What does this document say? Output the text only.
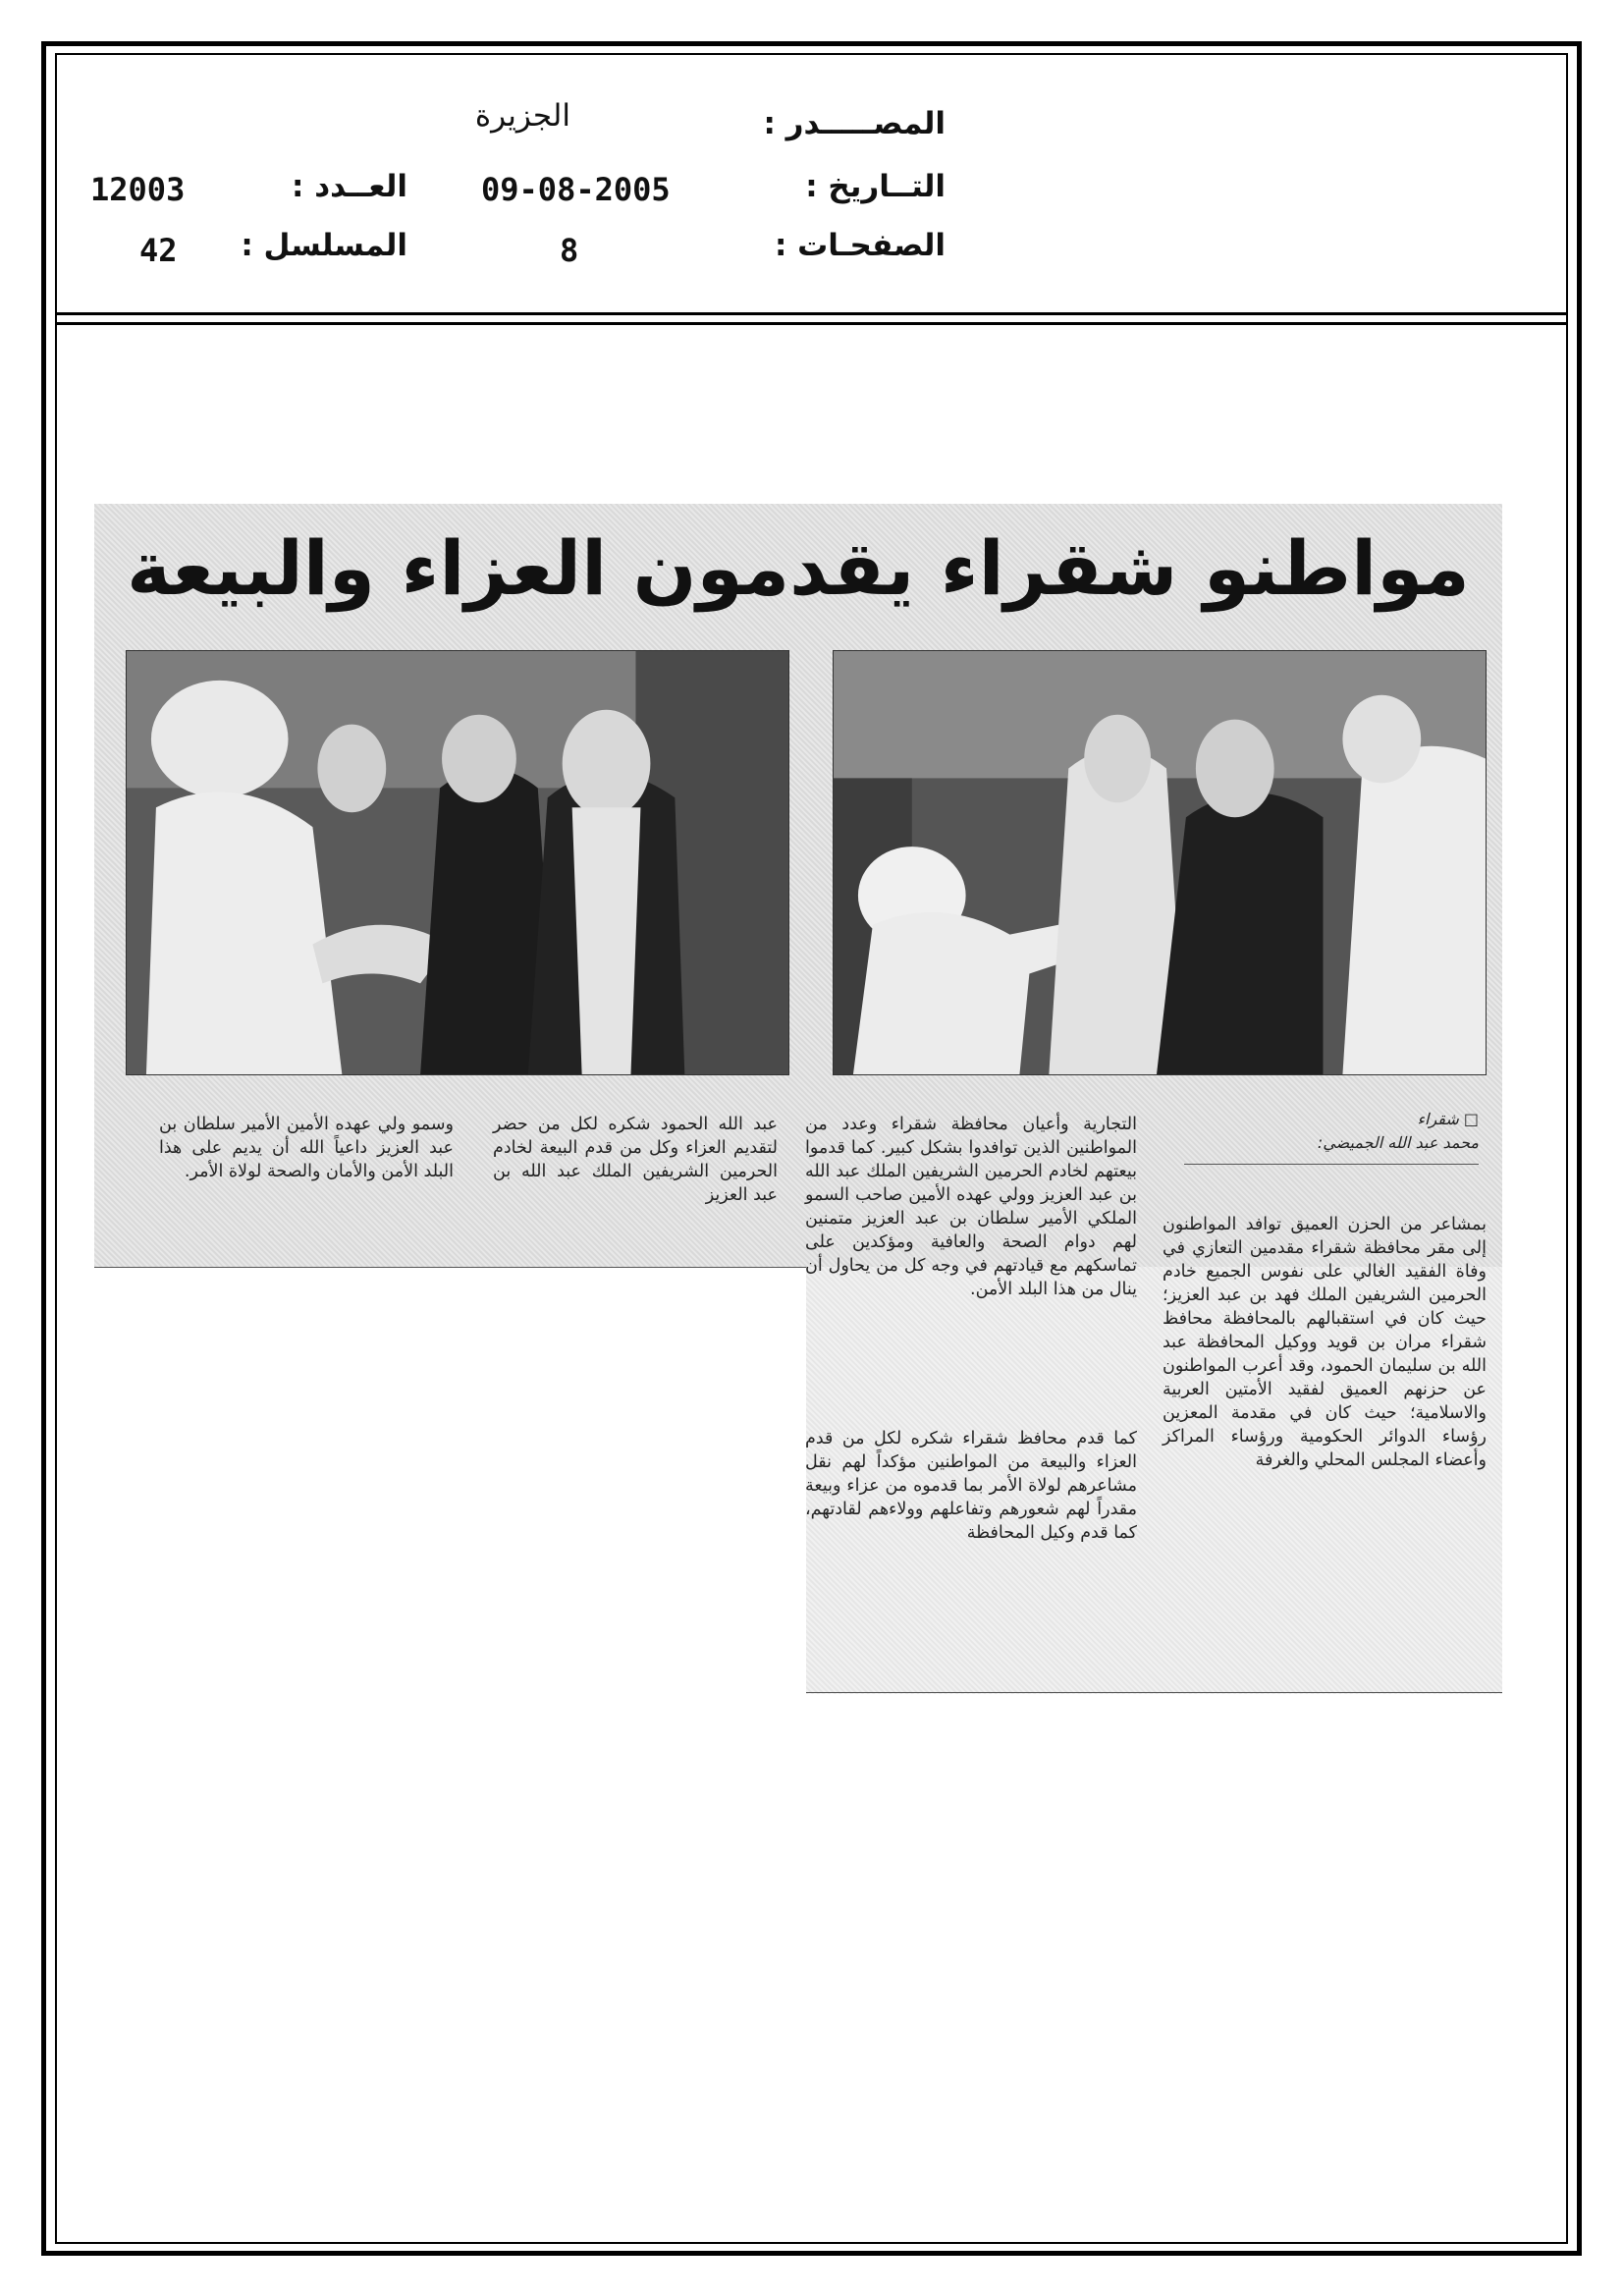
المصـــــدر :
الجزيرة
التــاريخ :
09-08-2005
العــدد :
12003
الصفحـات :
8
المسلسل :
42
مواطنو شقراء يقدمون العزاء والبيعة
□ شقراء
محمد عبد الله الجميضي:
بمشاعر من الحزن العميق توافد المواطنون إلى مقر محافظة شقراء مقدمين التعازي في وفاة الفقيد الغالي على نفوس الجميع خادم الحرمين الشريفين الملك فهد بن عبد العزيز؛ حيث كان في استقبالهم بالمحافظة محافظ شقراء مران بن قويد ووكيل المحافظة عبد الله بن سليمان الحمود، وقد أعرب المواطنون عن حزنهم العميق لفقيد الأمتين العربية والاسلامية؛ حيث كان في مقدمة المعزين رؤساء الدوائر الحكومية ورؤساء المراكز وأعضاء المجلس المحلي والغرفة
التجارية وأعيان محافظة شقراء وعدد من المواطنين الذين توافدوا بشكل كبير. كما قدموا بيعتهم لخادم الحرمين الشريفين الملك عبد الله بن عبد العزيز وولي عهده الأمين صاحب السمو الملكي الأمير سلطان بن عبد العزيز متمنين لهم دوام الصحة والعافية ومؤكدين على تماسكهم مع قيادتهم في وجه كل من يحاول أن ينال من هذا البلد الأمن.
كما قدم محافظ شقراء شكره لكل من قدم العزاء والبيعة من المواطنين مؤكداً لهم نقل مشاعرهم لولاة الأمر بما قدموه من عزاء وبيعة مقدراً لهم شعورهم وتفاعلهم وولاءهم لقادتهم، كما قدم وكيل المحافظة
عبد الله الحمود شكره لكل من حضر لتقديم العزاء وكل من قدم البيعة لخادم الحرمين الشريفين الملك عبد الله بن عبد العزيز
وسمو ولي عهده الأمين الأمير سلطان بن عبد العزيز داعياً الله أن يديم على هذا البلد الأمن والأمان والصحة لولاة الأمر.
